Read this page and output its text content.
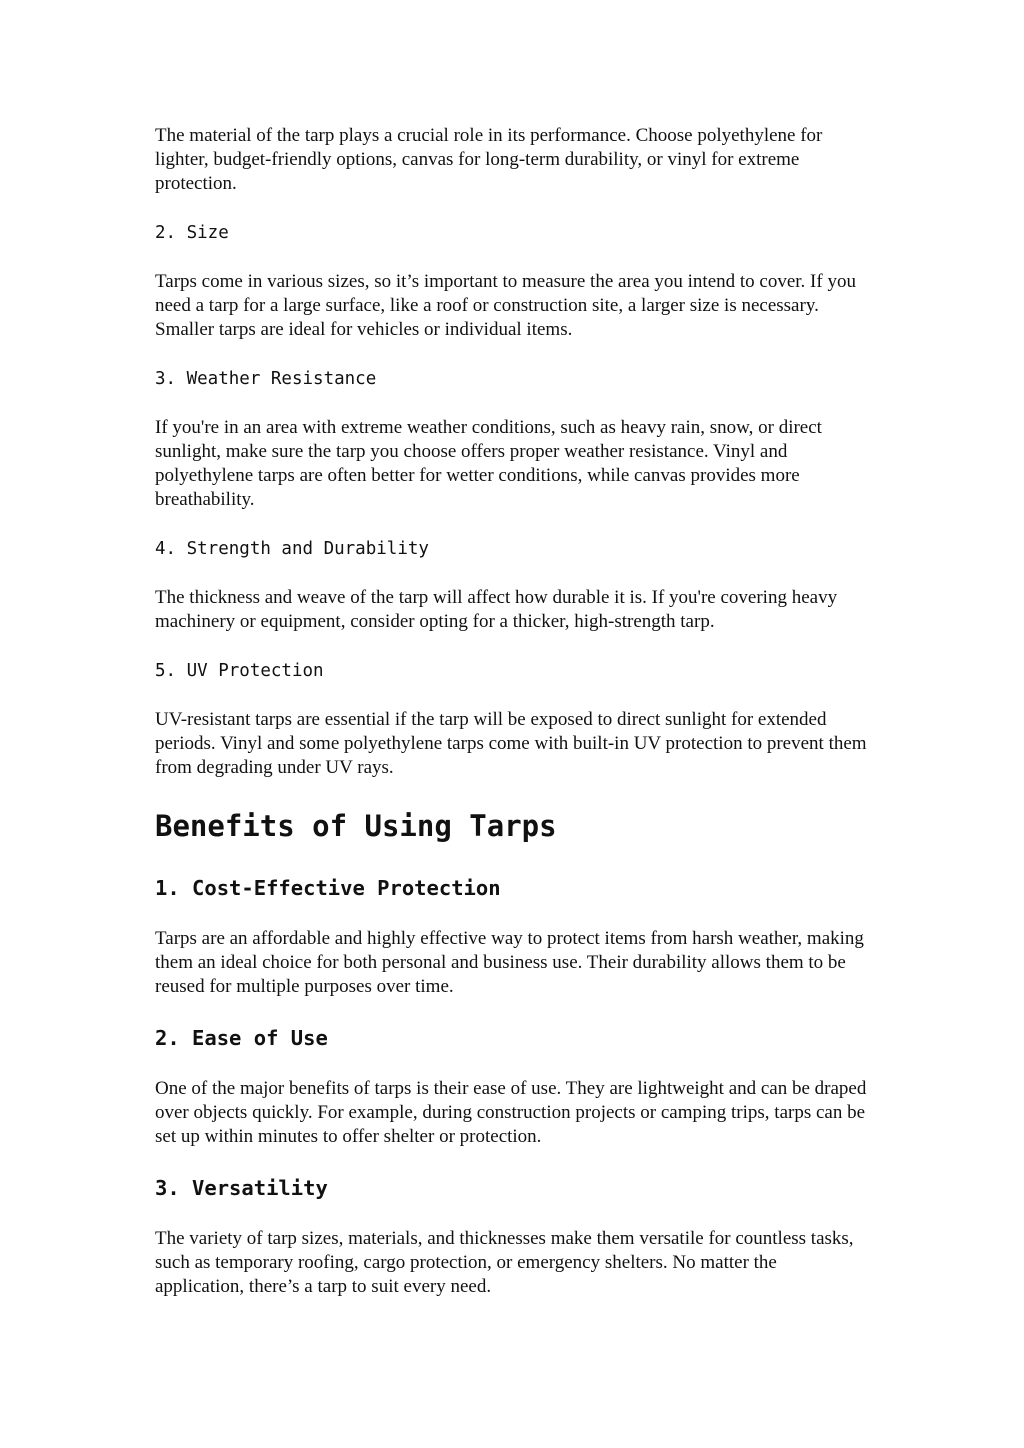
The material of the tarp plays a crucial role in its performance. Choose polyethylene for lighter, budget-friendly options, canvas for long-term durability, or vinyl for extreme protection.

2. Size

Tarps come in various sizes, so it’s important to measure the area you intend to cover. If you need a tarp for a large surface, like a roof or construction site, a larger size is necessary. Smaller tarps are ideal for vehicles or individual items.

3. Weather Resistance

If you're in an area with extreme weather conditions, such as heavy rain, snow, or direct sunlight, make sure the tarp you choose offers proper weather resistance. Vinyl and polyethylene tarps are often better for wetter conditions, while canvas provides more breathability.

4. Strength and Durability

The thickness and weave of the tarp will affect how durable it is. If you're covering heavy machinery or equipment, consider opting for a thicker, high-strength tarp.

5. UV Protection

UV-resistant tarps are essential if the tarp will be exposed to direct sunlight for extended periods. Vinyl and some polyethylene tarps come with built-in UV protection to prevent them from degrading under UV rays.

Benefits of Using Tarps
1. Cost-Effective Protection

Tarps are an affordable and highly effective way to protect items from harsh weather, making them an ideal choice for both personal and business use. Their durability allows them to be reused for multiple purposes over time.

2. Ease of Use

One of the major benefits of tarps is their ease of use. They are lightweight and can be draped over objects quickly. For example, during construction projects or camping trips, tarps can be set up within minutes to offer shelter or protection.

3. Versatility

The variety of tarp sizes, materials, and thicknesses make them versatile for countless tasks, such as temporary roofing, cargo protection, or emergency shelters. No matter the application, there’s a tarp to suit every need.
